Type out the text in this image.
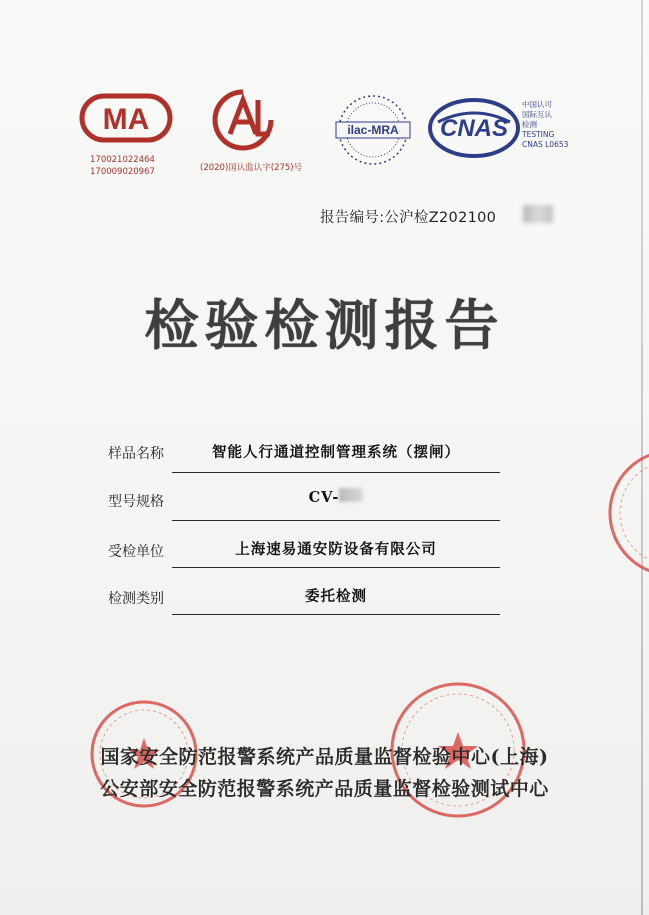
MA
170021022464
170009020967	(2020)国认监认字(275)号
ilac-MRA CNAS
中国认可
国际互认
检测
TESTING
CNAS L0653
报告编号:公沪检Z202100
检验检测报告
样品名称	智能人行通道控制管理系统（摆闸）
型号规格	CV-
受检单位	上海速易通安防设备有限公司
检测类别	委托检测
国家安全防范报警系统产品质量监督检验中心(上海)
公安部安全防范报警系统产品质量监督检验测试中心
